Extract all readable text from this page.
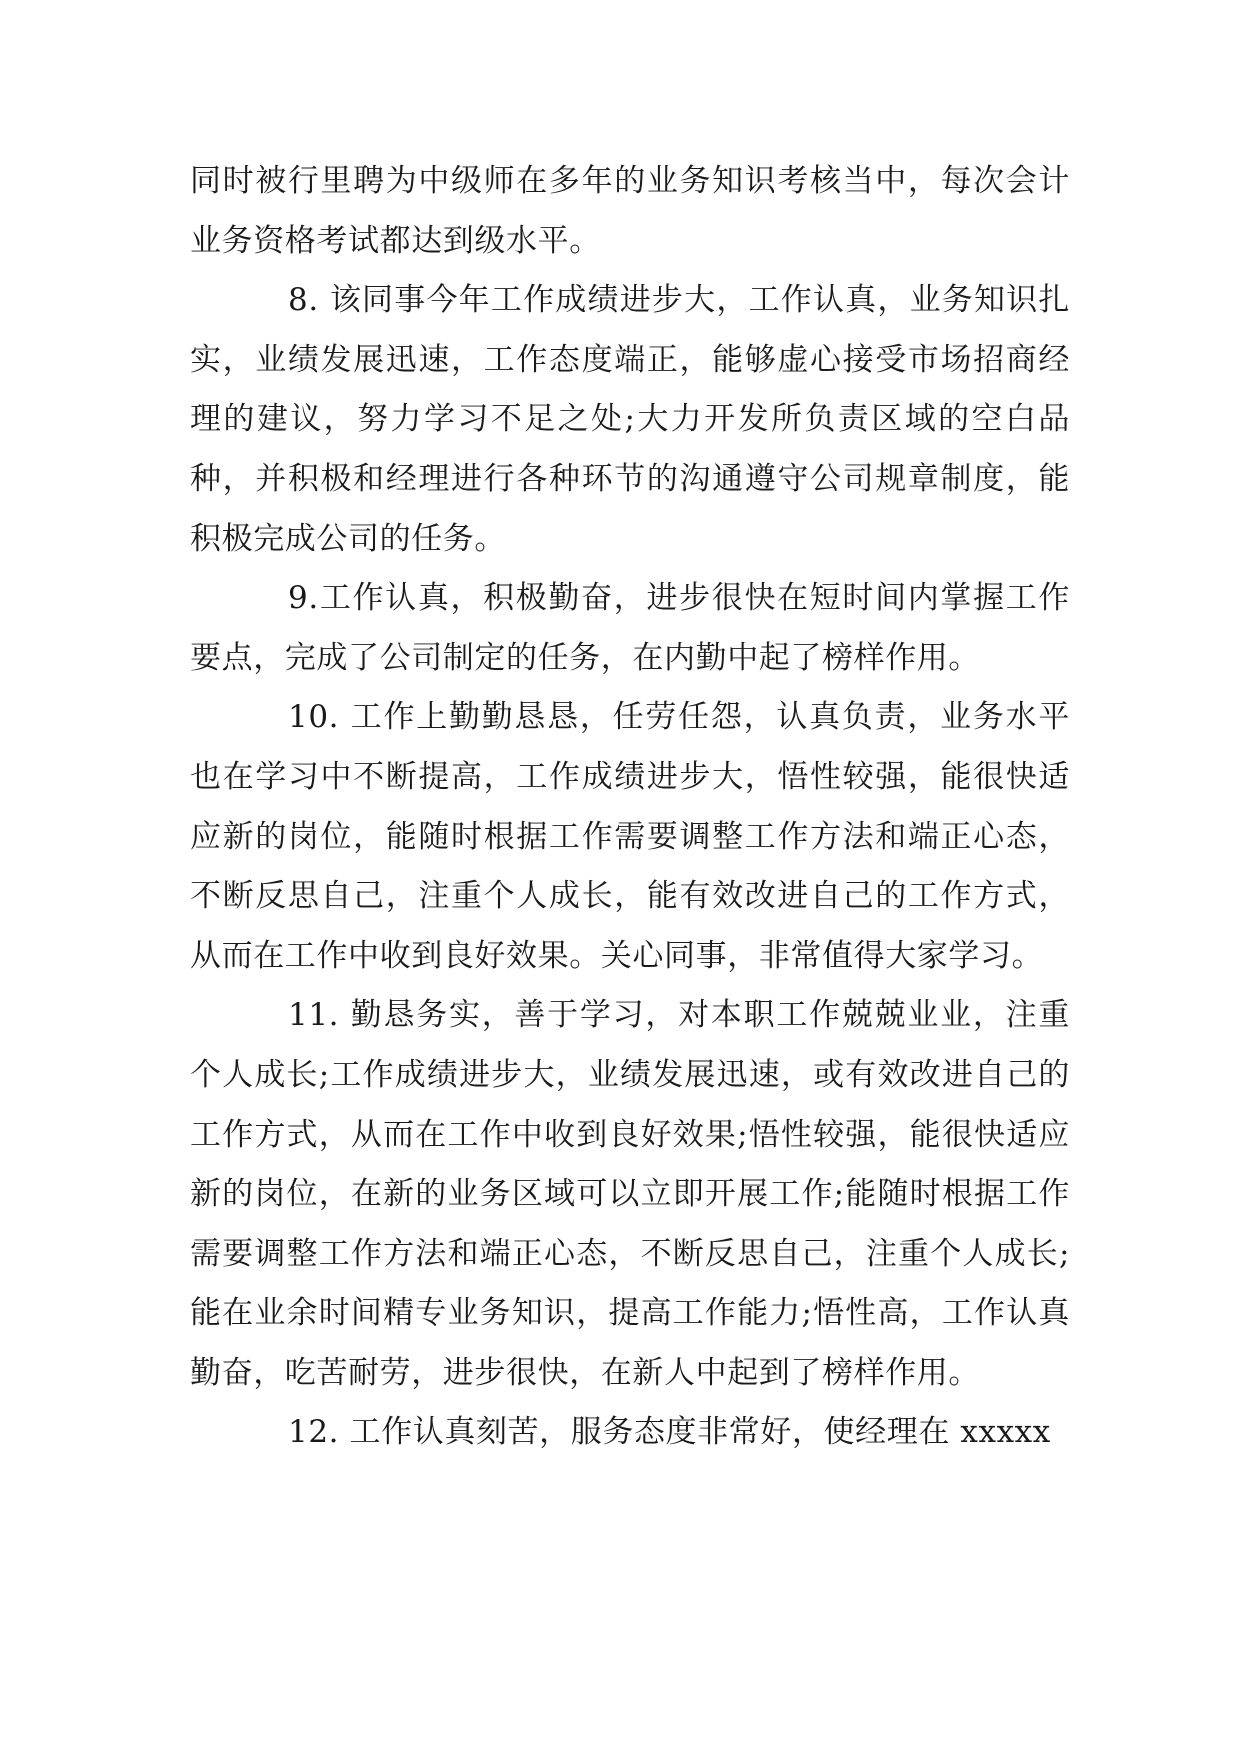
同时被行里聘为中级师在多年的业务知识考核当中，每次会计业务资格考试都达到级水平。

8. 该同事今年工作成绩进步大，工作认真，业务知识扎实，业绩发展迅速，工作态度端正，能够虚心接受市场招商经理的建议，努力学习不足之处;大力开发所负责区域的空白品种，并积极和经理进行各种环节的沟通遵守公司规章制度，能积极完成公司的任务。

9.工作认真，积极勤奋，进步很快在短时间内掌握工作要点，完成了公司制定的任务，在内勤中起了榜样作用。

10. 工作上勤勤恳恳，任劳任怨，认真负责，业务水平也在学习中不断提高，工作成绩进步大，悟性较强，能很快适应新的岗位，能随时根据工作需要调整工作方法和端正心态，不断反思自己，注重个人成长，能有效改进自己的工作方式，从而在工作中收到良好效果。关心同事，非常值得大家学习。

11. 勤恳务实，善于学习，对本职工作兢兢业业，注重个人成长;工作成绩进步大，业绩发展迅速，或有效改进自己的工作方式，从而在工作中收到良好效果;悟性较强，能很快适应新的岗位，在新的业务区域可以立即开展工作;能随时根据工作需要调整工作方法和端正心态，不断反思自己，注重个人成长;能在业余时间精专业务知识，提高工作能力;悟性高，工作认真勤奋，吃苦耐劳，进步很快，在新人中起到了榜样作用。

12. 工作认真刻苦，服务态度非常好，使经理在 xxxxx
